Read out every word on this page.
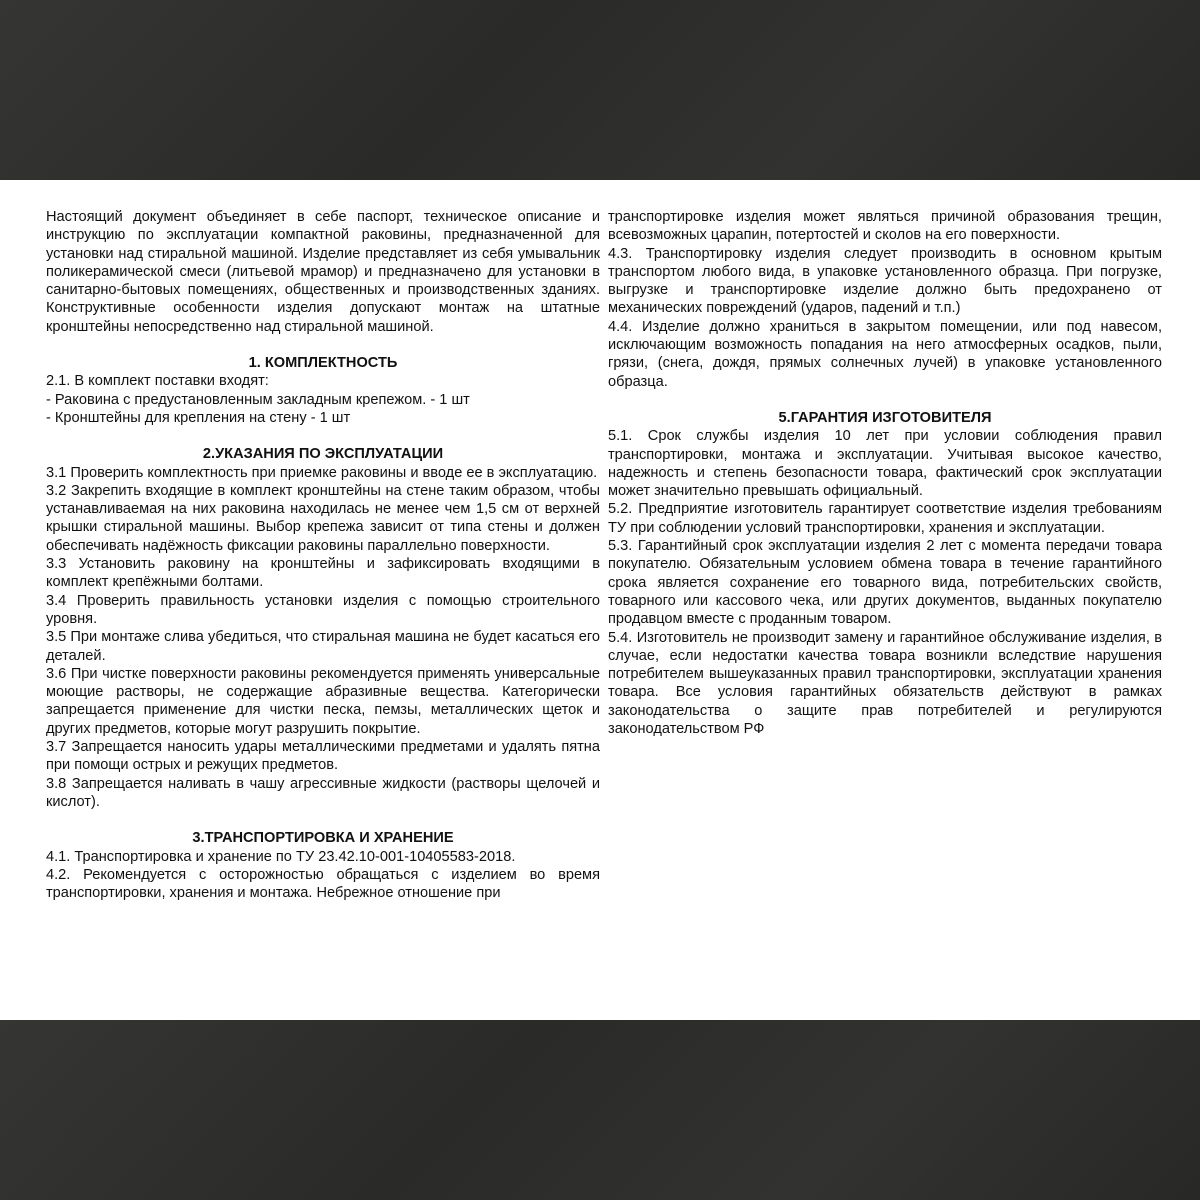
Настоящий документ объединяет в себе паспорт, техническое описание и инструкцию по эксплуатации компактной раковины, предназначенной для установки над стиральной машиной. Изделие представляет из себя умывальник поликерамической смеси (литьевой мрамор) и предназначено для установки в санитарно-бытовых помещениях, общественных и производственных зданиях. Конструктивные особенности изделия допускают монтаж на штатные кронштейны непосредственно над стиральной машиной.

1. КОМПЛЕКТНОСТЬ

2.1. В комплект поставки входят:

- Раковина с предустановленным закладным крепежом. - 1 шт

- Кронштейны для крепления на стену - 1 шт

2.УКАЗАНИЯ ПО ЭКСПЛУАТАЦИИ

3.1 Проверить комплектность при приемке раковины и вводе ее в эксплуатацию.

3.2 Закрепить входящие в комплект кронштейны на стене таким образом, чтобы устанавливаемая на них раковина находилась не менее чем 1,5 см от верхней крышки стиральной машины. Выбор крепежа зависит от типа стены и должен обеспечивать надёжность фиксации раковины параллельно поверхности.

3.3 Установить раковину на кронштейны и зафиксировать входящими в комплект крепёжными болтами.

3.4 Проверить правильность установки изделия с помощью строительного уровня.

3.5 При монтаже слива убедиться, что стиральная машина не будет касаться его деталей.

3.6 При чистке поверхности раковины рекомендуется применять универсальные моющие растворы, не содержащие абразивные вещества. Категорически запрещается применение для чистки песка, пемзы, металлических щеток и других предметов, которые могут разрушить покрытие.

3.7 Запрещается наносить удары металлическими предметами и удалять пятна при помощи острых и режущих предметов.

3.8 Запрещается наливать в чашу агрессивные жидкости (растворы щелочей и кислот).

3.ТРАНСПОРТИРОВКА И ХРАНЕНИЕ

4.1. Транспортировка и хранение по ТУ 23.42.10-001-10405583-2018.

4.2. Рекомендуется с осторожностью обращаться с изделием во время транспортировки, хранения и монтажа. Небрежное отношение при

транспортировке изделия может являться причиной образования трещин, всевозможных царапин, потертостей и сколов на его поверхности.

4.3. Транспортировку изделия следует производить в основном крытым транспортом любого вида, в упаковке установленного образца. При погрузке, выгрузке и транспортировке изделие должно быть предохранено от механических повреждений (ударов, падений и т.п.)

4.4. Изделие должно храниться в закрытом помещении, или под навесом, исключающим возможность попадания на него атмосферных осадков, пыли, грязи, (снега, дождя, прямых солнечных лучей) в упаковке установленного образца.

5.ГАРАНТИЯ ИЗГОТОВИТЕЛЯ

5.1. Срок службы изделия 10 лет при условии соблюдения правил транспортировки, монтажа и эксплуатации. Учитывая высокое качество, надежность и степень безопасности товара, фактический срок эксплуатации может значительно превышать официальный.

5.2. Предприятие изготовитель гарантирует соответствие изделия требованиям ТУ при соблюдении условий транспортировки, хранения и эксплуатации.

5.3. Гарантийный срок эксплуатации изделия 2 лет с момента передачи товара покупателю. Обязательным условием обмена товара в течение гарантийного срока является сохранение его товарного вида, потребительских свойств, товарного или кассового чека, или других документов, выданных покупателю продавцом вместе с проданным товаром.

5.4. Изготовитель не производит замену и гарантийное обслуживание изделия, в случае, если недостатки качества товара возникли вследствие нарушения потребителем вышеуказанных правил транспортировки, эксплуатации хранения товара. Все условия гарантийных обязательств действуют в рамках законодательства о защите прав потребителей и регулируются законодательством РФ
